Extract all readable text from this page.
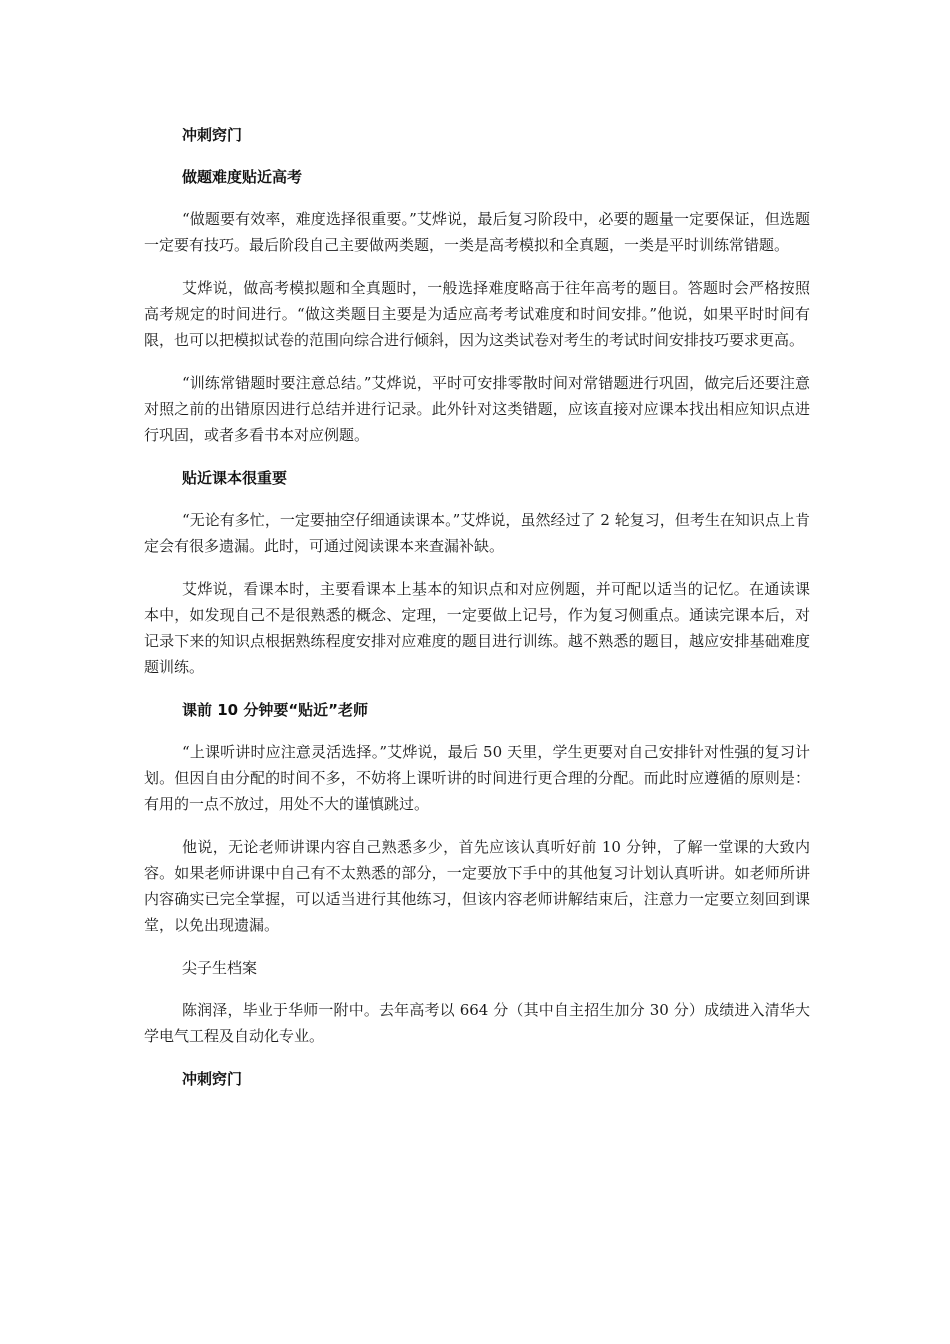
冲刺窍门
做题难度贴近高考

“做题要有效率，难度选择很重要。”艾烨说，最后复习阶段中，必要的题量一定要保证，但选题一定要有技巧。最后阶段自己主要做两类题，一类是高考模拟和全真题，一类是平时训练常错题。

艾烨说，做高考模拟题和全真题时，一般选择难度略高于往年高考的题目。答题时会严格按照高考规定的时间进行。“做这类题目主要是为适应高考考试难度和时间安排。”他说，如果平时时间有限，也可以把模拟试卷的范围向综合进行倾斜，因为这类试卷对考生的考试时间安排技巧要求更高。

“训练常错题时要注意总结。”艾烨说，平时可安排零散时间对常错题进行巩固，做完后还要注意对照之前的出错原因进行总结并进行记录。此外针对这类错题，应该直接对应课本找出相应知识点进行巩固，或者多看书本对应例题。

贴近课本很重要

“无论有多忙，一定要抽空仔细通读课本。”艾烨说，虽然经过了 2 轮复习，但考生在知识点上肯定会有很多遗漏。此时，可通过阅读课本来查漏补缺。

艾烨说，看课本时，主要看课本上基本的知识点和对应例题，并可配以适当的记忆。在通读课本中，如发现自己不是很熟悉的概念、定理，一定要做上记号，作为复习侧重点。通读完课本后，对记录下来的知识点根据熟练程度安排对应难度的题目进行训练。越不熟悉的题目，越应安排基础难度题训练。

课前 10 分钟要“贴近”老师

“上课听讲时应注意灵活选择。”艾烨说，最后 50 天里，学生更要对自己安排针对性强的复习计划。但因自由分配的时间不多，不妨将上课听讲的时间进行更合理的分配。而此时应遵循的原则是：有用的一点不放过，用处不大的谨慎跳过。

他说，无论老师讲课内容自己熟悉多少，首先应该认真听好前 10 分钟，了解一堂课的大致内容。如果老师讲课中自己有不太熟悉的部分，一定要放下手中的其他复习计划认真听讲。如老师所讲内容确实已完全掌握，可以适当进行其他练习，但该内容老师讲解结束后，注意力一定要立刻回到课堂，以免出现遗漏。

尖子生档案

陈润泽，毕业于华师一附中。去年高考以 664 分（其中自主招生加分 30 分）成绩进入清华大学电气工程及自动化专业。

冲刺窍门
